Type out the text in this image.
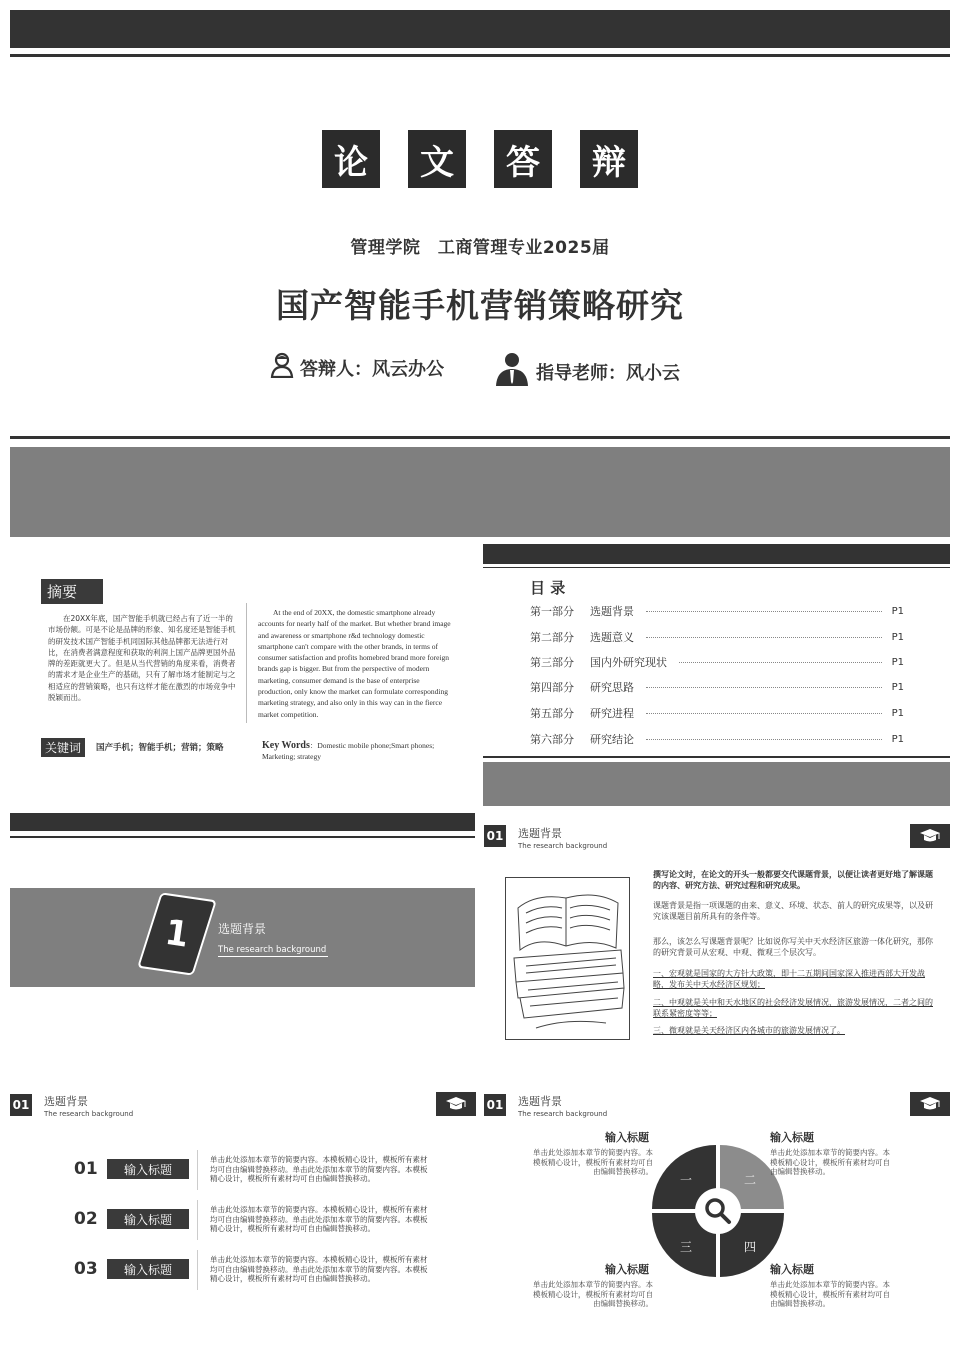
论	文	答	辩
管理学院　工商管理专业2025届
国产智能手机营销策略研究
答辩人：风云办公	指导老师：风小云
摘要
在20XX年底，国产智能手机就已经占有了近一半的市场份额。可是不论是品牌的形象、知名度还是智能手机的研发技术国产智能手机同国际其他品牌都无法进行对比，在消费者满意程度和获取的利润上国产品牌更国外品牌的差距就更大了。但是从当代营销的角度来看，消费者的需求才是企业生产的基础，只有了解市场才能制定与之相适应的营销策略，也只有这样才能在激烈的市场竞争中脱颖而出。
At the end of 20XX, the domestic smartphone already accounts for nearly half of the market. But whether brand image and awareness or smartphone r&d technology domestic smartphone can't compare with the other brands, in terms of consumer satisfaction and profits homebred brand more foreign brands gap is bigger. But from the perspective of modern marketing, consumer demand is the base of enterprise production, only know the market can formulate corresponding marketing strategy, and also only in this way can in the fierce market competition.
关键词	国产手机；智能手机；营销；策略	Key Words：Domestic mobile phone;Smart phones; Marketing; strategy
目 录
第一部分	选题背景	P1
第二部分	选题意义	P1
第三部分	国内外研究现状	P1
第四部分	研究思路	P1
第五部分	研究进程	P1
第六部分	研究结论	P1
1 选题背景
The research background
01 选题背景
The research background
撰写论文时，在论文的开头一般都要交代课题背景，以便让读者更好地了解课题的内容、研究方法、研究过程和研究成果。
课题背景是指一项课题的由来、意义、环境、状态、前人的研究成果等，以及研究该课题目前所具有的条件等。
那么，该怎么写课题背景呢？比如说你写关中天水经济区旅游一体化研究，那你的研究背景可从宏观、中观、微观三个层次写。
一、宏观就是国家的大方针大政策，即十二五期间国家深入推进西部大开发战略，发布关中天水经济区规划；
二、中观就是关中和天水地区的社会经济发展情况，旅游发展情况，二者之间的联系紧密度等等；
三、微观就是关天经济区内各城市的旅游发展情况了。
01 选题背景
The research background
01	输入标题
单击此处添加本章节的简要内容。本模板精心设计，模板所有素材均可自由编辑替换移动。单击此处添加本章节的简要内容。本模板精心设计，模板所有素材均可自由编辑替换移动。
02	输入标题
单击此处添加本章节的简要内容。本模板精心设计，模板所有素材均可自由编辑替换移动。单击此处添加本章节的简要内容。本模板精心设计，模板所有素材均可自由编辑替换移动。
03	输入标题
单击此处添加本章节的简要内容。本模板精心设计，模板所有素材均可自由编辑替换移动。单击此处添加本章节的简要内容。本模板精心设计，模板所有素材均可自由编辑替换移动。
01 选题背景
The research background
一	二
三	四
输入标题
单击此处添加本章节的简要内容。本模板精心设计，模板所有素材均可自由编辑替换移动。
输入标题
单击此处添加本章节的简要内容。本模板精心设计，模板所有素材均可自由编辑替换移动。
输入标题
单击此处添加本章节的简要内容。本模板精心设计，模板所有素材均可自由编辑替换移动。
输入标题
单击此处添加本章节的简要内容。本模板精心设计，模板所有素材均可自由编辑替换移动。
